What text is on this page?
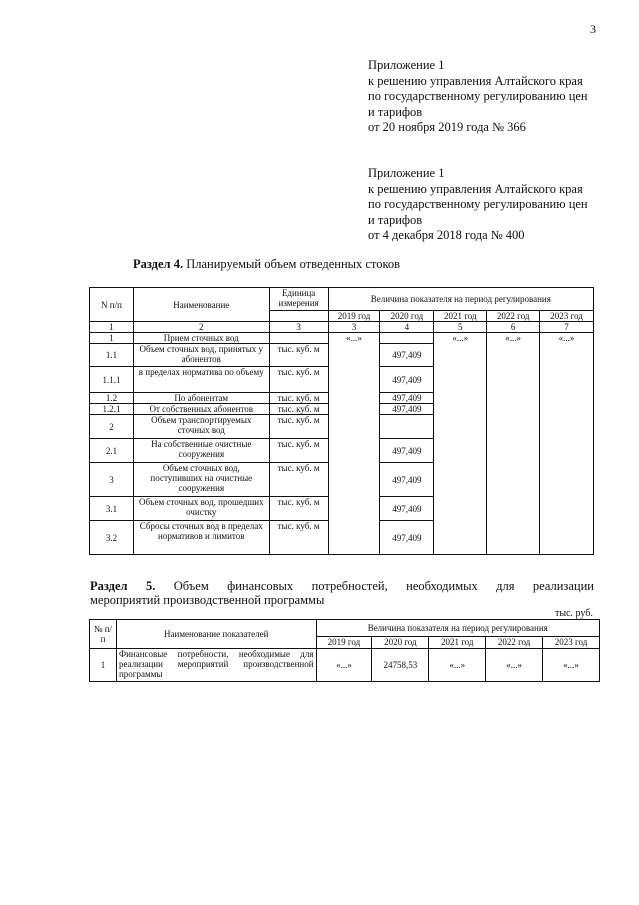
3
Приложение 1
к решению управления Алтайского края
по государственному регулированию цен
и тарифов
от 20 ноября 2019 года № 366
Приложение 1
к решению управления Алтайского края
по государственному регулированию цен
и тарифов
от 4 декабря 2018 года № 400
Раздел 4. Планируемый объем отведенных стоков
N п/п	Наименование	Единица измерения	Величина показателя на период регулирования				
			2019 год	2020 год	2021 год	2022 год	2023 год
1	2	3	3	4	5	6	7
1	Прием сточных вод		«...»		«...»	«...»	«...»
1.1	Объем сточных вод, принятых у абонентов	тыс. куб. м		497,409			
1.1.1	в пределах норматива по объему	тыс. куб. м		497,409			
1.2	По абонентам	тыс. куб. м		497,409			
1.2.1	От собственных абонентов	тыс. куб. м		497,409			
2	Объем транспортируемых сточных вод	тыс. куб. м					
2.1	На собственные очистные сооружения	тыс. куб. м		497,409			
3	Объем сточных вод, поступивших на очистные сооружения	тыс. куб. м		497,409			
3.1	Объем сточных вод, прошедших очистку	тыс. куб. м		497,409			
3.2	Сбросы сточных вод в пределах нормативов и лимитов	тыс. куб. м		497,409			
Раздел 5. Объем финансовых потребностей, необходимых для реализации
мероприятий производственной программы
тыс. руб.
№ п/п	Наименование показателей	Величина показателя на период регулирования				
		2019 год	2020 год	2021 год	2022 год	2023 год
1	Финансовые потребности, необходимые для реализации мероприятий производственной программы	«...»	24758,53	«...»	«...»	«...»
